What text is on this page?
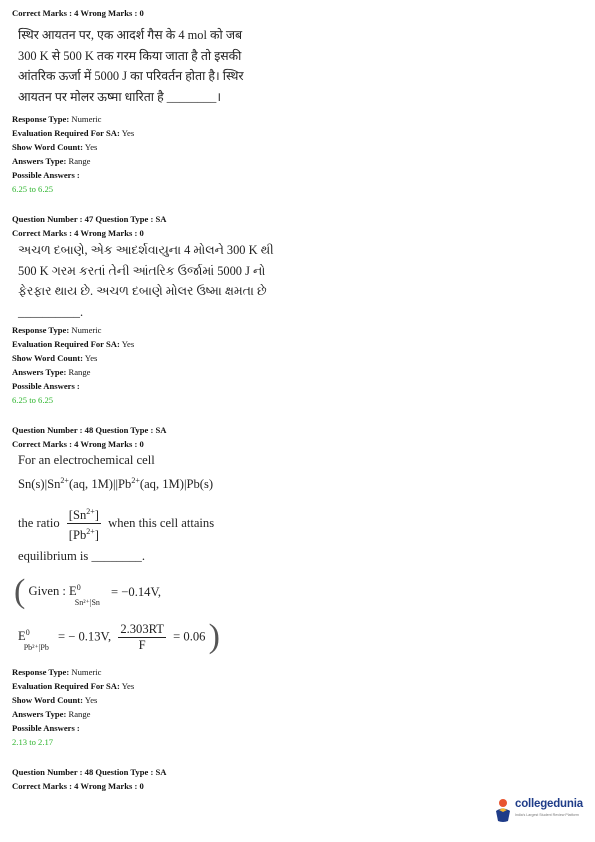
Correct Marks : 4 Wrong Marks : 0
स्थिर आयतन पर, एक आदर्श गैस के 4 mol को जब
300 K से 500 K तक गरम किया जाता है तो इसकी
आंतरिक ऊर्जा में 5000 J का परिवर्तन होता है। स्थिर
आयतन पर मोलर ऊष्मा धारिता है ________।
Response Type: Numeric
Evaluation Required For SA: Yes
Show Word Count: Yes
Answers Type: Range
Possible Answers :
6.25 to 6.25
Question Number : 47 Question Type : SA
Correct Marks : 4 Wrong Marks : 0
અચળ દબાણે, એક આદર્શવાયુના 4 મોલને 300 K થી
500 K ગરમ કરતાં તેની આંતરિક ઉર્જામાં 5000 J નો
ફેરફાર થાય છે. અચળ દબાણે મોલર ઉષ્મા ક્ષમતા છે
__________.
Response Type: Numeric
Evaluation Required For SA: Yes
Show Word Count: Yes
Answers Type: Range
Possible Answers :
6.25 to 6.25
Question Number : 48 Question Type : SA
Correct Marks : 4 Wrong Marks : 0
For an electrochemical cell
$Sn(s)|Sn^{2+}(aq$, $1M)||Pb^{2+}(aq$, 1M)|Pb(s)
the ratio $\frac{[Sn^{2+}]}{[Pb^{2+}]}$ when this cell attains
equilibrium is ________.
( Given : $E^0_{Sn^{2+}|Sn} = -0.14V$,
$E^0_{Pb^{2+}|Pb}$ = − 0.13V, $\frac{2.303RT}{F} = 0.06$ )
Response Type: Numeric
Evaluation Required For SA: Yes
Show Word Count: Yes
Answers Type: Range
Possible Answers :
2.13 to 2.17
Question Number : 48 Question Type : SA
Correct Marks : 4 Wrong Marks : 0
collegedunia
India's Largest Student Review Platform
